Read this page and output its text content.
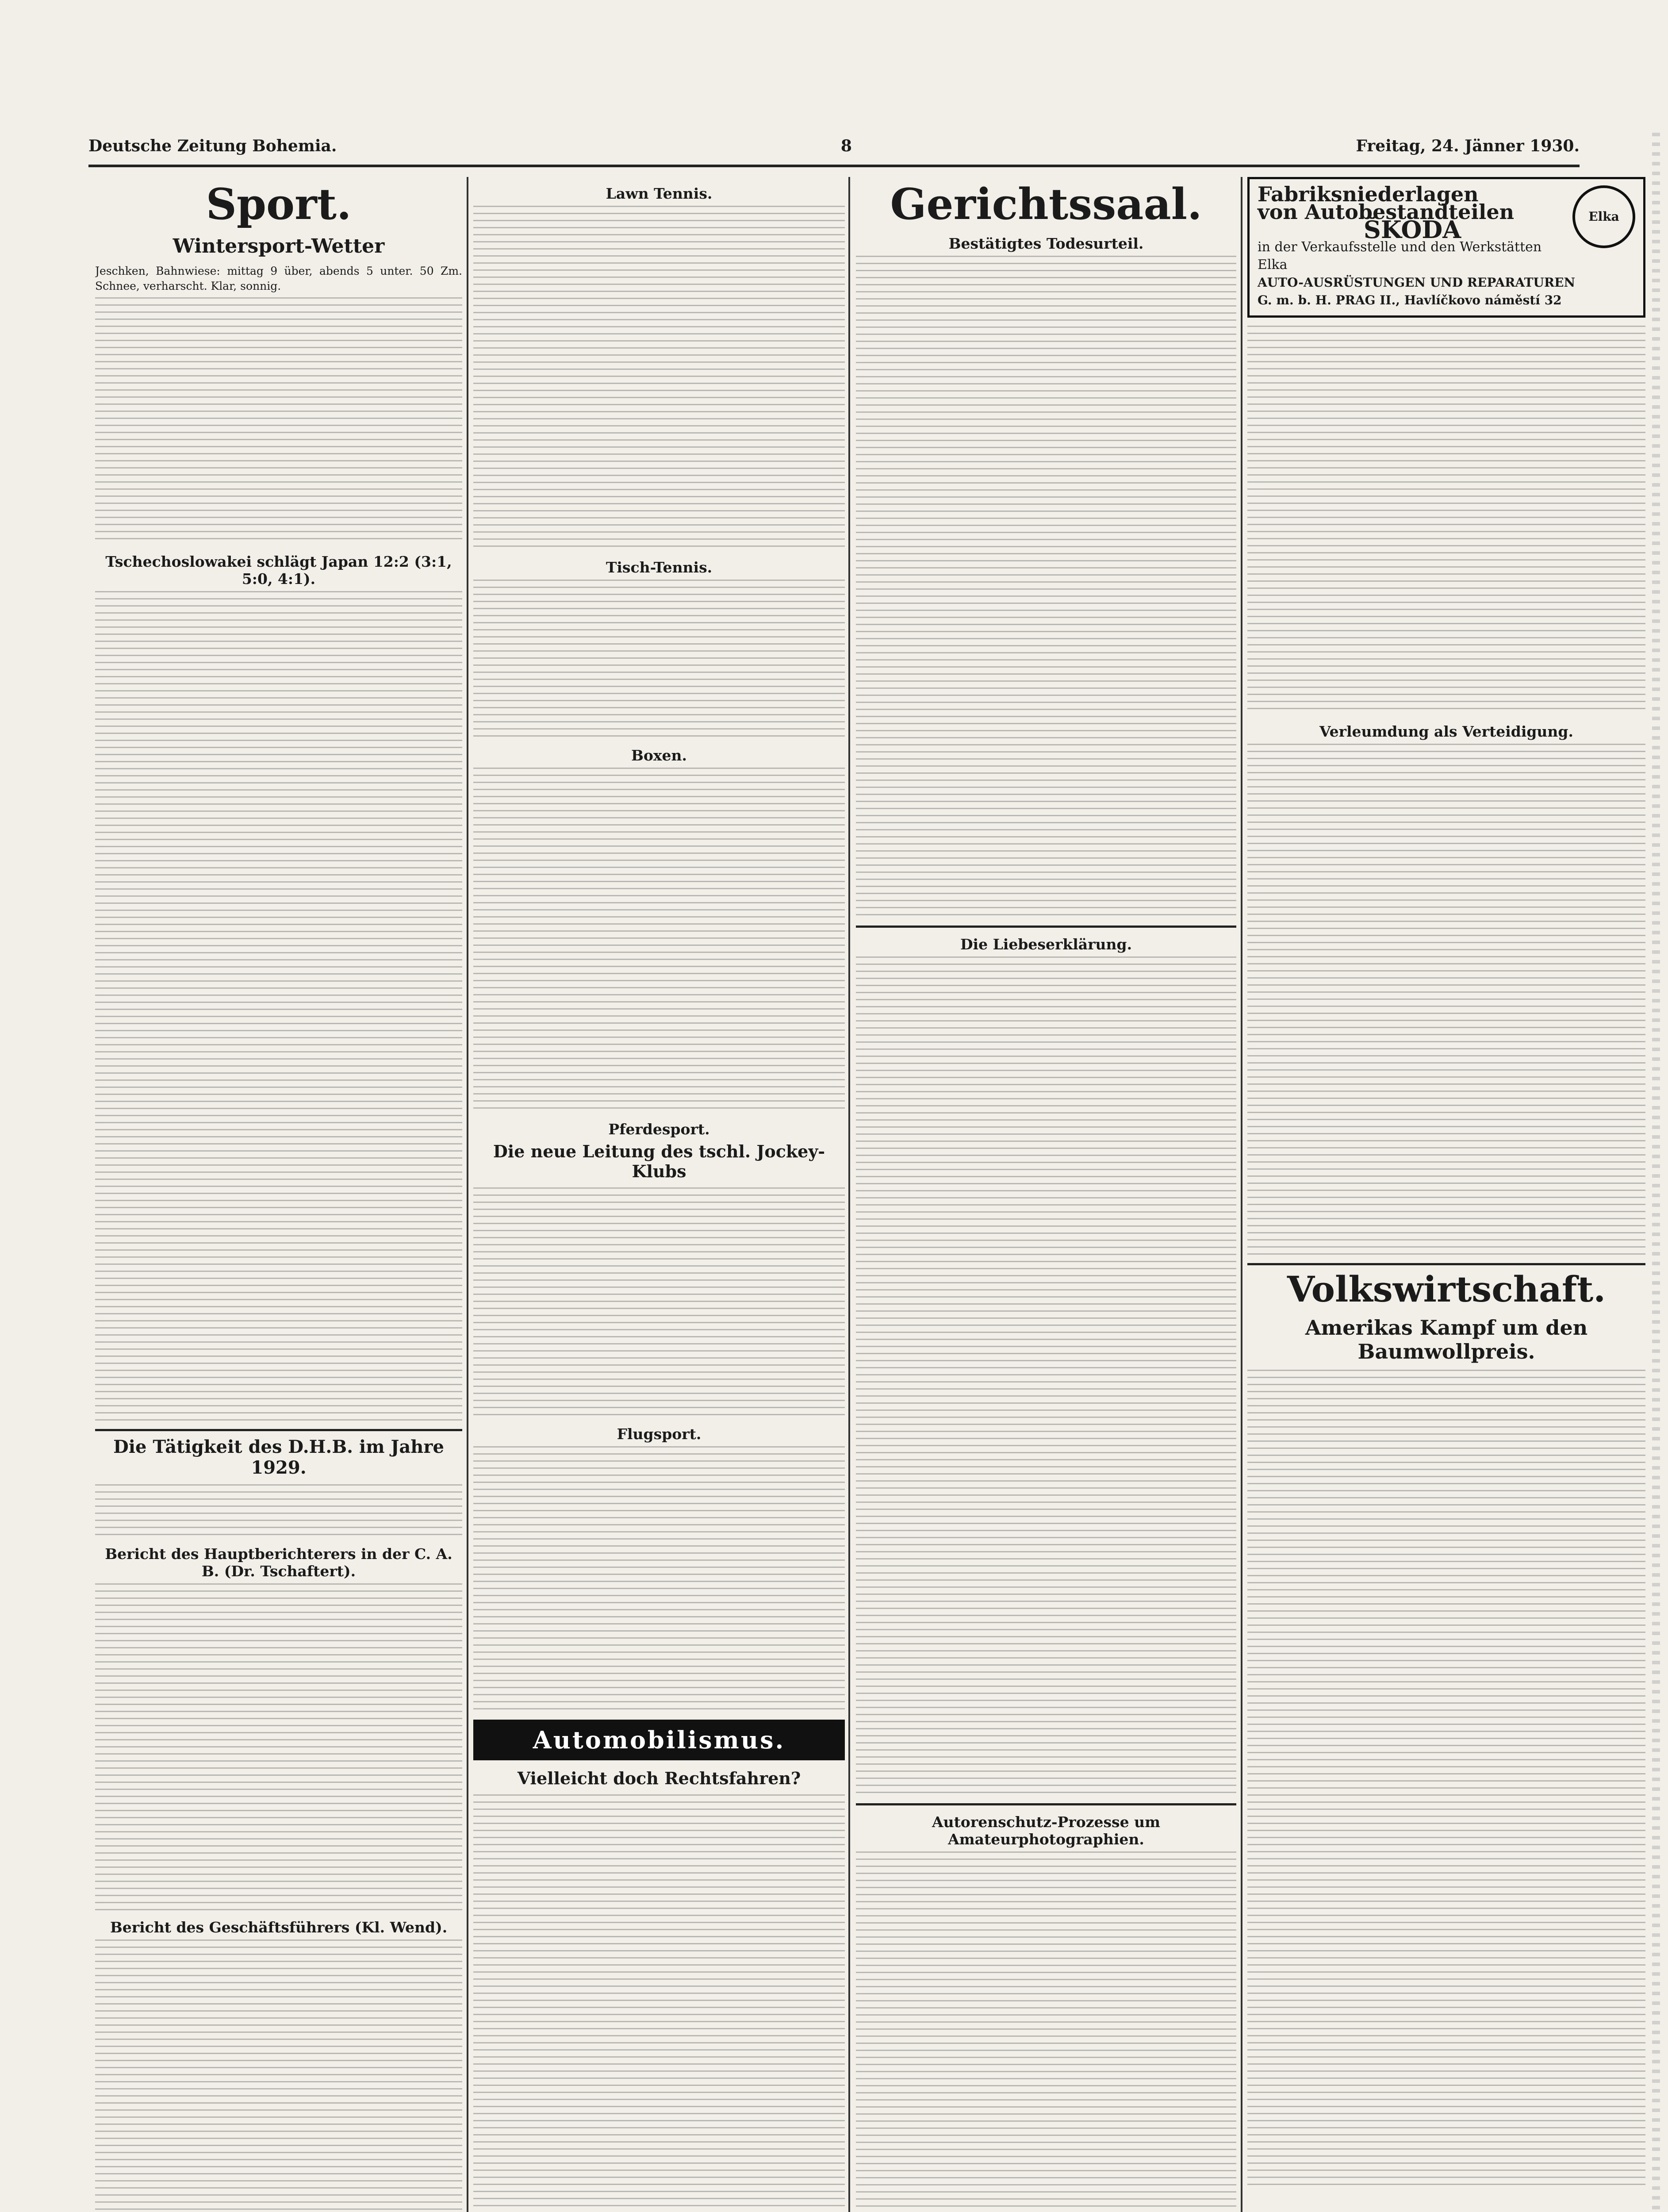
Deutsche Zeitung Bohemia.	8	Freitag, 24. Jänner 1930.
Sport.
Wintersport-Wetter

Jeschken, Bahnwiese: mittag 9 über, abends 5 unter. 50 Zm. Schnee, verharscht. Klar, sonnig.

Tschechoslowakei schlägt Japan 12:2 (3:1, 5:0, 4:1).
Die Tätigkeit des D.H.B. im Jahre 1929.
Bericht des Hauptberichterers in der C. A. B. (Dr. Tschaftert).
Bericht des Geschäftsführers (Kl. Wend).
Lawn Tennis.
Tisch-Tennis.
Boxen.
Pferdesport.
Die neue Leitung des tschl. Jockey-Klubs
Flugsport.
Automobilismus.
Vielleicht doch Rechtsfahren?
Gerichtssaal.
Bestätigtes Todesurteil.
Die Liebeserklärung.
Autorenschutz-Prozesse um Amateurphotographien.
Elka
Fabriksniederlagen
von Autobestandteilen
ŠKODA
in der Verkaufsstelle und den Werkstätten Elka
AUTO-AUSRÜSTUNGEN UND REPARATUREN
G. m. b. H. PRAG II., Havlíčkovo náměstí 32
Verleumdung als Verteidigung.
Volkswirtschaft.
Amerikas Kampf um den Baumwollpreis.
